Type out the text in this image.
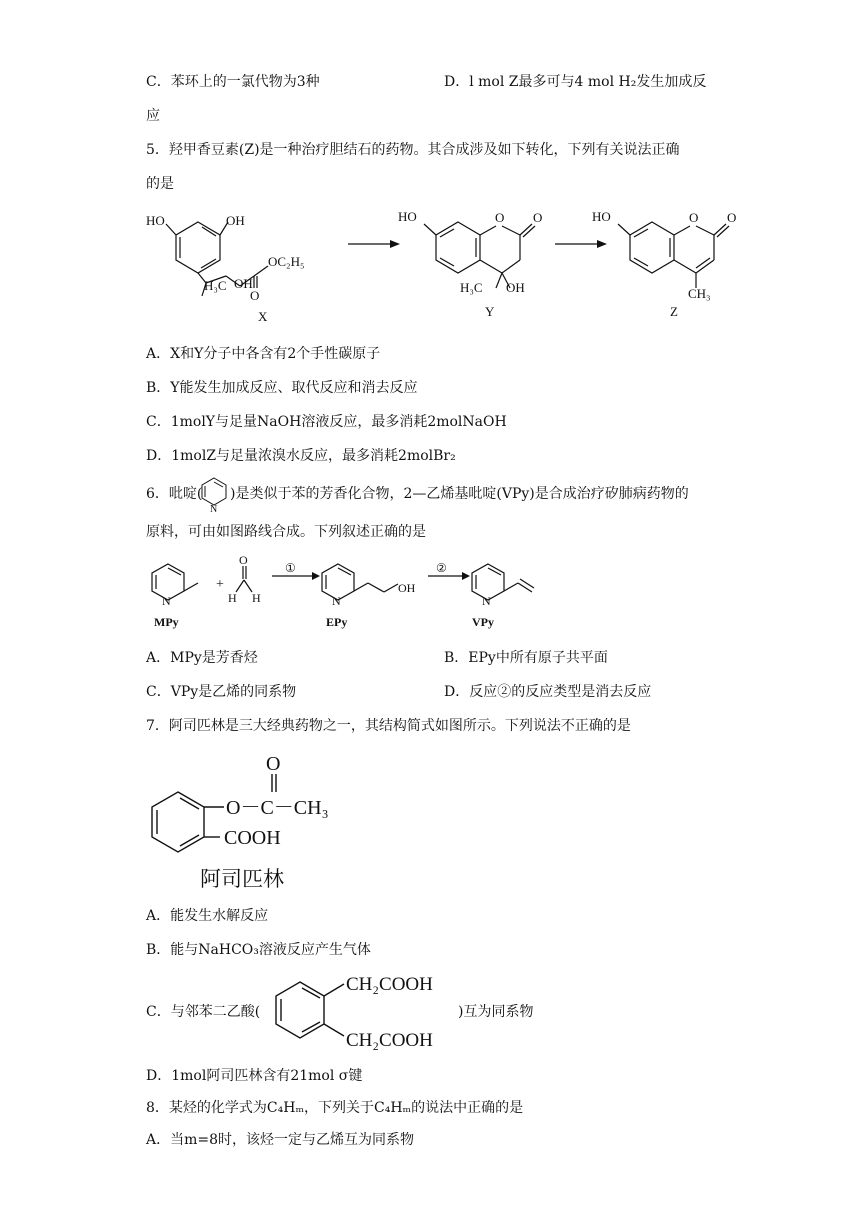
C．苯环上的一氯代物为3种	D．l mol Z最多可与4 mol H₂发生加成反
应
5．羟甲香豆素(Z)是一种治疗胆结石的药物。其合成涉及如下转化，下列有关说法正确
的是
HO	OH
H₃C OH
OC₂H₅
O
X
HO	O O
H₃C OH
Y
HO	O O
CH₃
Z
A．X和Y分子中各含有2个手性碳原子
B．Y能发生加成反应、取代反应和消去反应
C．1molY与足量NaOH溶液反应，最多消耗2molNaOH
D．1molZ与足量浓溴水反应，最多消耗2molBr₂
6．吡啶(
N
)是类似于苯的芳香化合物，2—乙烯基吡啶(VPy)是合成治疗矽肺病药物的
原料，可由如图路线合成。下列叙述正确的是
N
+
H H
O
①
N
OH
②
N
MPy	EPy	VPy
A．MPy是芳香烃	B．EPy中所有原子共平面
C．VPy是乙烯的同系物	D．反应②的反应类型是消去反应
7．阿司匹林是三大经典药物之一，其结构简式如图所示。下列说法不正确的是
O
O－C－CH₃
COOH
阿司匹林
A．能发生水解反应
B．能与NaHCO₃溶液反应产生气体
C．与邻苯二乙酸(
CH₂COOH
CH₂COOH
)互为同系物
D．1mol阿司匹林含有21mol σ键
8．某烃的化学式为C₄Hₘ，下列关于C₄Hₘ的说法中正确的是
A．当m=8时，该烃一定与乙烯互为同系物
